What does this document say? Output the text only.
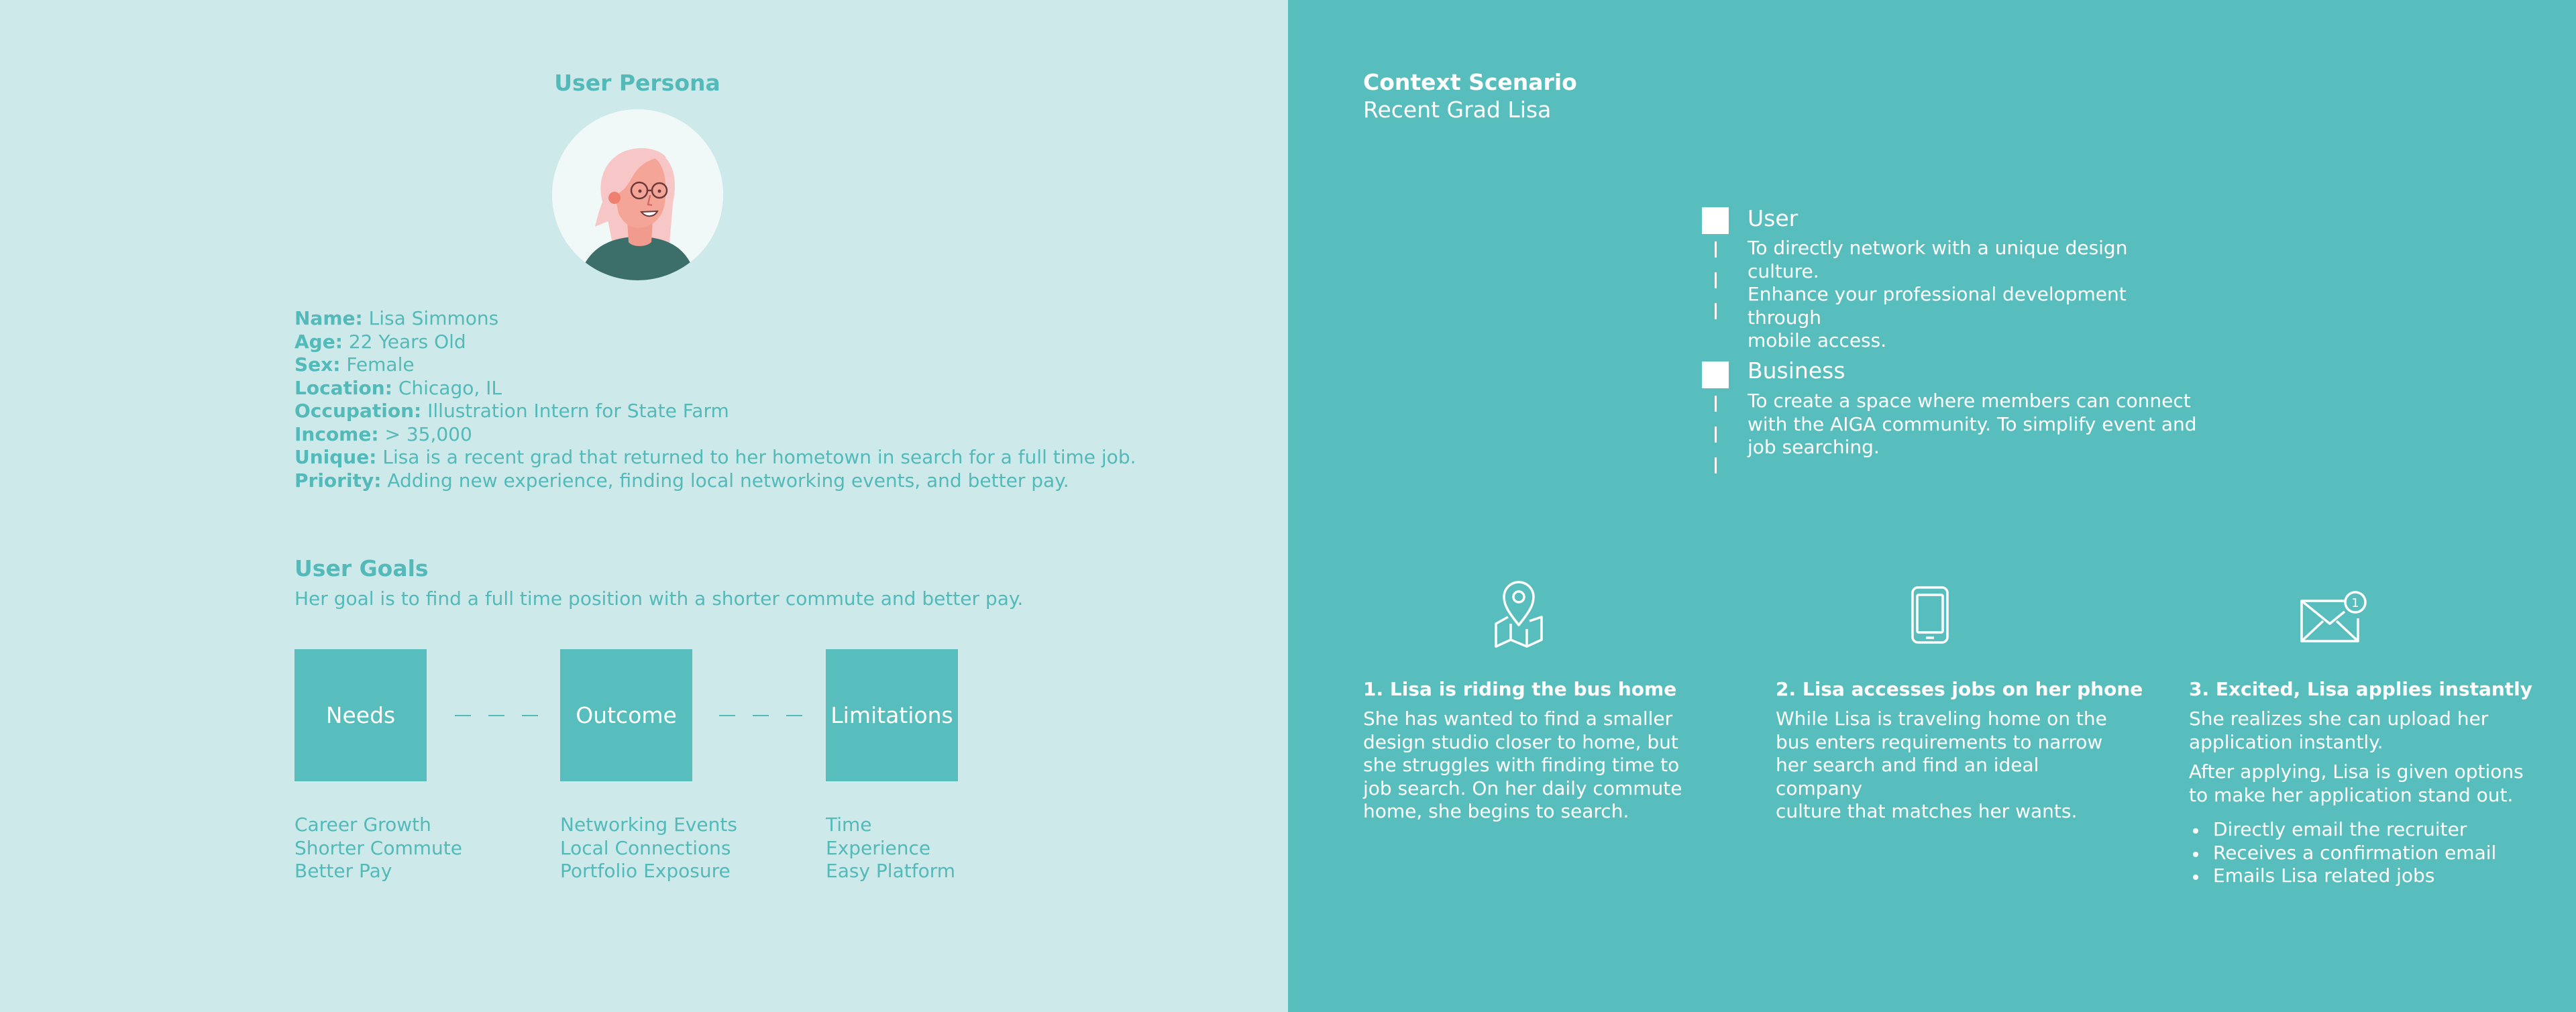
User Persona
Name: Lisa Simmons
Age: 22 Years Old
Sex: Female
Location: Chicago, IL
Occupation: Illustration Intern for State Farm
Income: > 35,000
Unique: Lisa is a recent grad that returned to her hometown in search for a full time job.
Priority: Adding new experience, finding local networking events, and better pay.
User Goals
Her goal is to find a full time position with a shorter commute and better pay.
Needs	Outcome	Limitations
Career Growth
Shorter Commute
Better Pay
Networking Events
Local Connections
Portfolio Exposure
Time
Experience
Easy Platform
Context Scenario
Recent Grad Lisa
User
To directly network with a unique design culture.
Enhance your professional development through
mobile access.
Business
To create a space where members can connect
with the AIGA community. To simplify event and
job searching.
1
1. Lisa is riding the bus home
She has wanted to find a smaller
design studio closer to home, but
she struggles with finding time to
job search. On her daily commute
home, she begins to search.
2. Lisa accesses jobs on her phone
While Lisa is traveling home on the
bus enters requirements to narrow
her search and find an ideal company
culture that matches her wants.
3. Excited, Lisa applies instantly

She realizes she can upload her
application instantly.

After applying, Lisa is given options
to make her application stand out.

Directly email the recruiter
Receives a confirmation email
Emails Lisa related jobs
